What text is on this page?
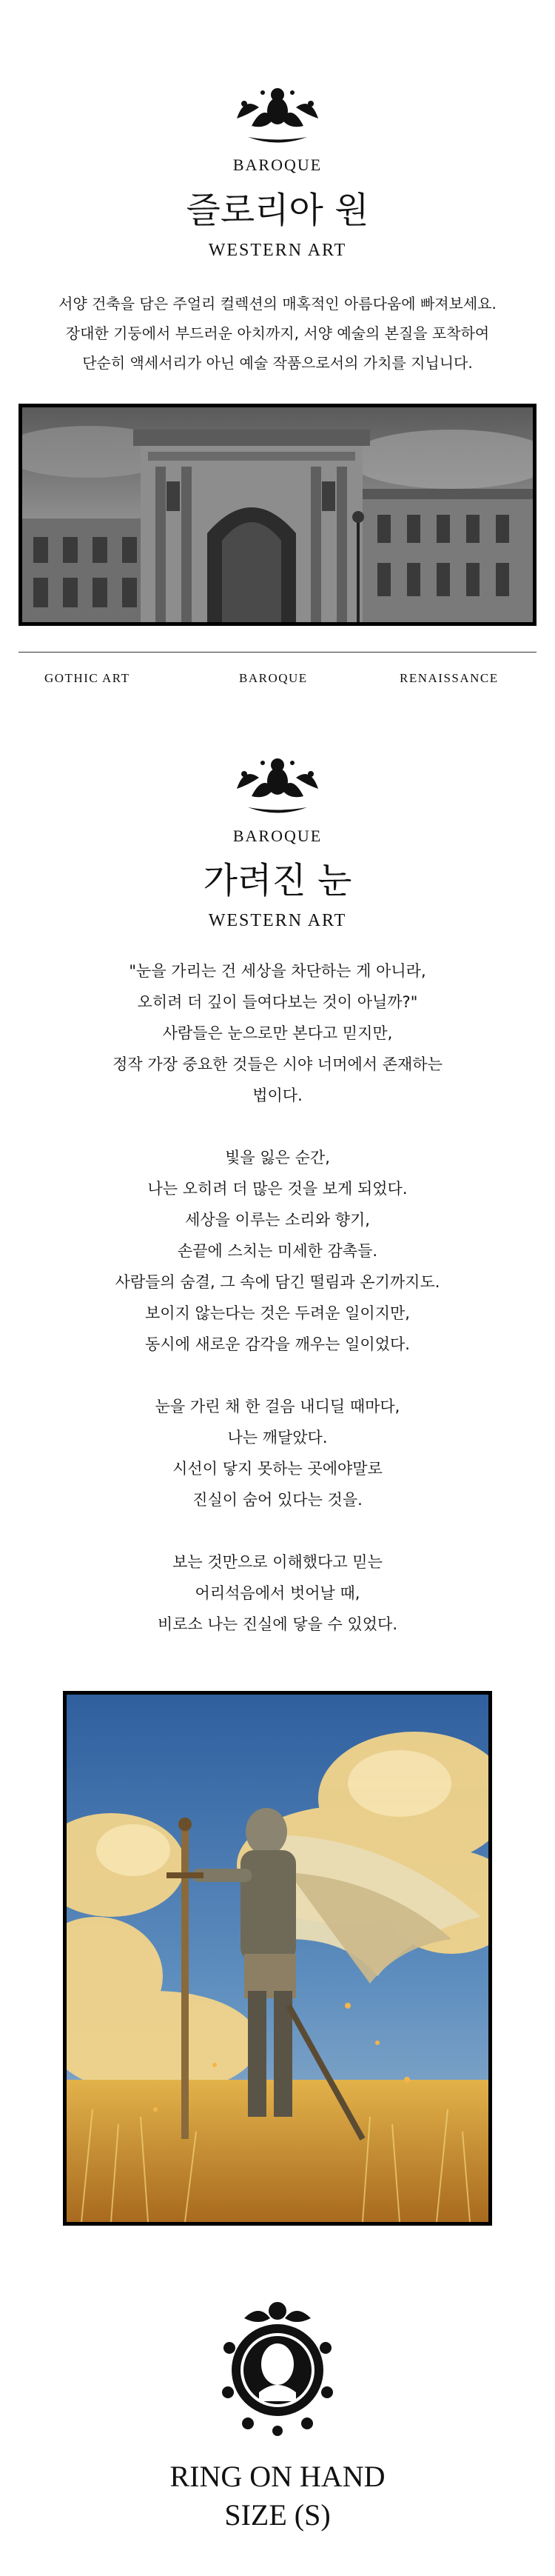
BAROQUE
즐로리아 원
WESTERN ART
서양 건축을 담은 주얼리 컬렉션의 매혹적인 아름다움에 빠져보세요.
장대한 기둥에서 부드러운 아치까지, 서양 예술의 본질을 포착하여
단순히 액세서리가 아닌 예술 작품으로서의 가치를 지닙니다.
GOTHIC ART	BAROQUE	RENAISSANCE
BAROQUE
가려진 눈
WESTERN ART

"눈을 가리는 건 세상을 차단하는 게 아니라,

오히려 더 깊이 들여다보는 것이 아닐까?"

사람들은 눈으로만 본다고 믿지만,

정작 가장 중요한 것들은 시야 너머에서 존재하는

법이다.

빛을 잃은 순간,

나는 오히려 더 많은 것을 보게 되었다.

세상을 이루는 소리와 향기,

손끝에 스치는 미세한 감촉들.

사람들의 숨결, 그 속에 담긴 떨림과 온기까지도.

보이지 않는다는 것은 두려운 일이지만,

동시에 새로운 감각을 깨우는 일이었다.

눈을 가린 채 한 걸음 내디딜 때마다,

나는 깨달았다.

시선이 닿지 못하는 곳에야말로

진실이 숨어 있다는 것을.

보는 것만으로 이해했다고 믿는

어리석음에서 벗어날 때,

비로소 나는 진실에 닿을 수 있었다.

RING ON HAND
SIZE (S)
